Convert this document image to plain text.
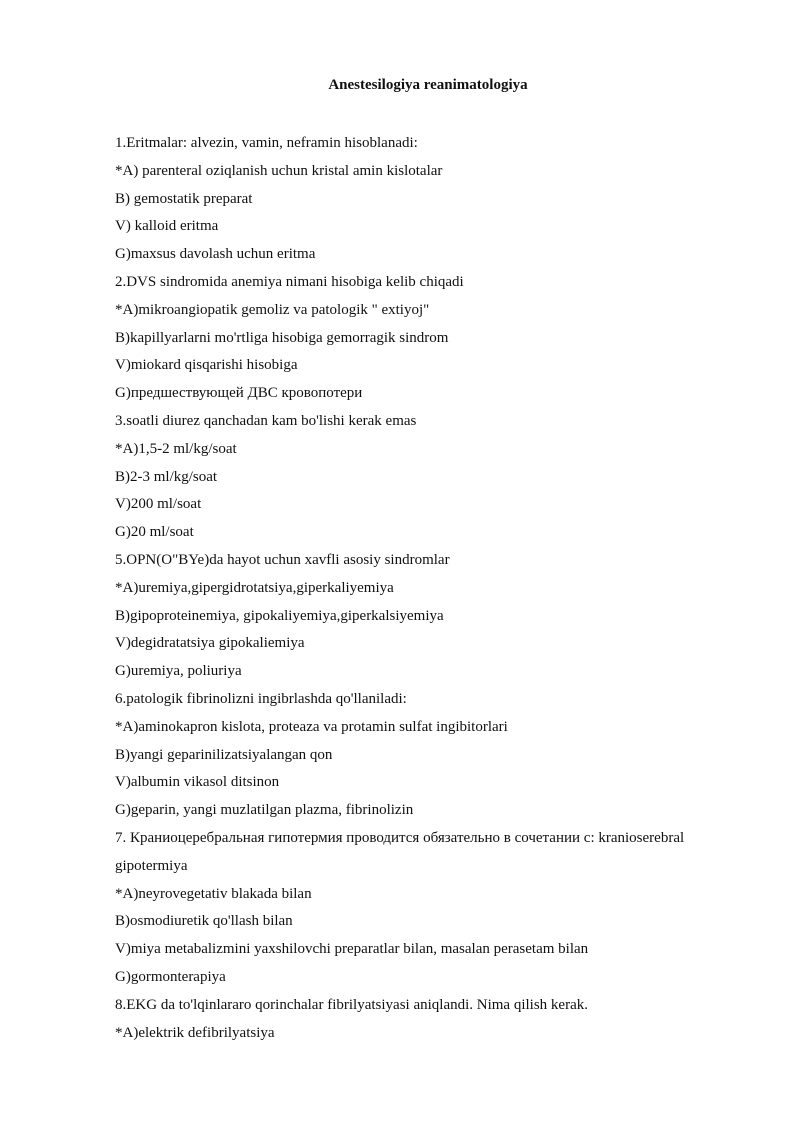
Anestesilogiya reanimatologiya
1.Eritmalar: alvezin, vamin, neframin hisoblanadi:
*A) parenteral oziqlanish uchun kristal amin kislotalar
B) gemostatik preparat
V) kalloid eritma
G)maxsus davolash uchun eritma
2.DVS sindromida anemiya nimani hisobiga kelib chiqadi
*A)mikroangiopatik gemoliz va patologik " extiyoj"
B)kapillyarlarni mo'rtliga hisobiga gemorragik sindrom
V)miokard qisqarishi hisobiga
G)предшествующей ДВС кровопотери
3.soatli diurez qanchadan kam bo'lishi kerak emas
*A)1,5-2 ml/kg/soat
B)2-3 ml/kg/soat
V)200 ml/soat
G)20 ml/soat
5.OPN(O"BYe)da hayot uchun xavfli asosiy sindromlar
*A)uremiya,gipergidrotatsiya,giperkaliyemiya
B)gipoproteinemiya, gipokaliyemiya,giperkalsiyemiya
V)degidratatsiya gipokaliemiya
G)uremiya, poliuriya
6.patologik fibrinolizni ingibrlashda qo'llaniladi:
*A)aminokapron kislota, proteaza va protamin sulfat ingibitorlari
B)yangi geparinilizatsiyalangan qon
V)albumin vikasol ditsinon
G)geparin, yangi muzlatilgan plazma, fibrinolizin
7. Краниоцеребральная гипотермия проводится обязательно в сочетании с: kranioserebral
gipotermiya
*A)neyrovegetativ blakada bilan
B)osmodiuretik qo'llash bilan
V)miya metabalizmini yaxshilovchi preparatlar bilan, masalan perasetam bilan
G)gormonterapiya
8.EKG da to'lqinlararo qorinchalar fibrilyatsiyasi aniqlandi. Nima qilish kerak.
*A)elektrik defibrilyatsiya
